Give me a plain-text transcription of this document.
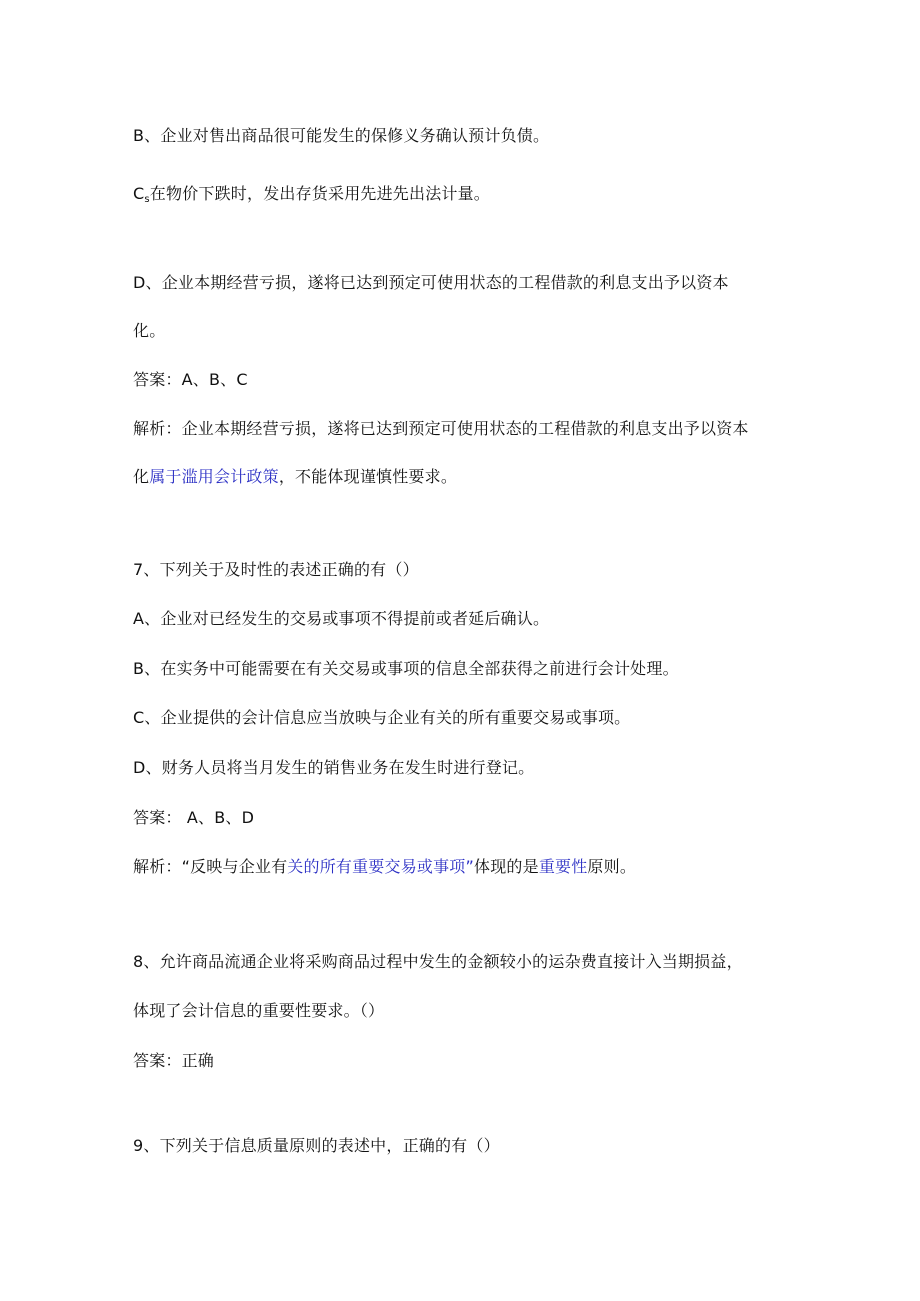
B、企业对售出商品很可能发生的保修义务确认预计负债。
$C_s$在物价下跌时，发出存货采用先进先出法计量。
D、企业本期经营亏损，遂将已达到预定可使用状态的工程借款的利息支出予以资本
化。
答案：A、B、C
解析：企业本期经营亏损，遂将已达到预定可使用状态的工程借款的利息支出予以资本
化属于滥用会计政策，不能体现谨慎性要求。
7、下列关于及时性的表述正确的有（）
A、企业对已经发生的交易或事项不得提前或者延后确认。
B、在实务中可能需要在有关交易或事项的信息全部获得之前进行会计处理。
C、企业提供的会计信息应当放映与企业有关的所有重要交易或事项。
D、财务人员将当月发生的销售业务在发生时进行登记。
答案： A、B、D
解析：“反映与企业有关的所有重要交易或事项”体现的是重要性原则。
8、允许商品流通企业将采购商品过程中发生的金额较小的运杂费直接计入当期损益，
体现了会计信息的重要性要求。（）
答案：正确
9、下列关于信息质量原则的表述中，正确的有（）
